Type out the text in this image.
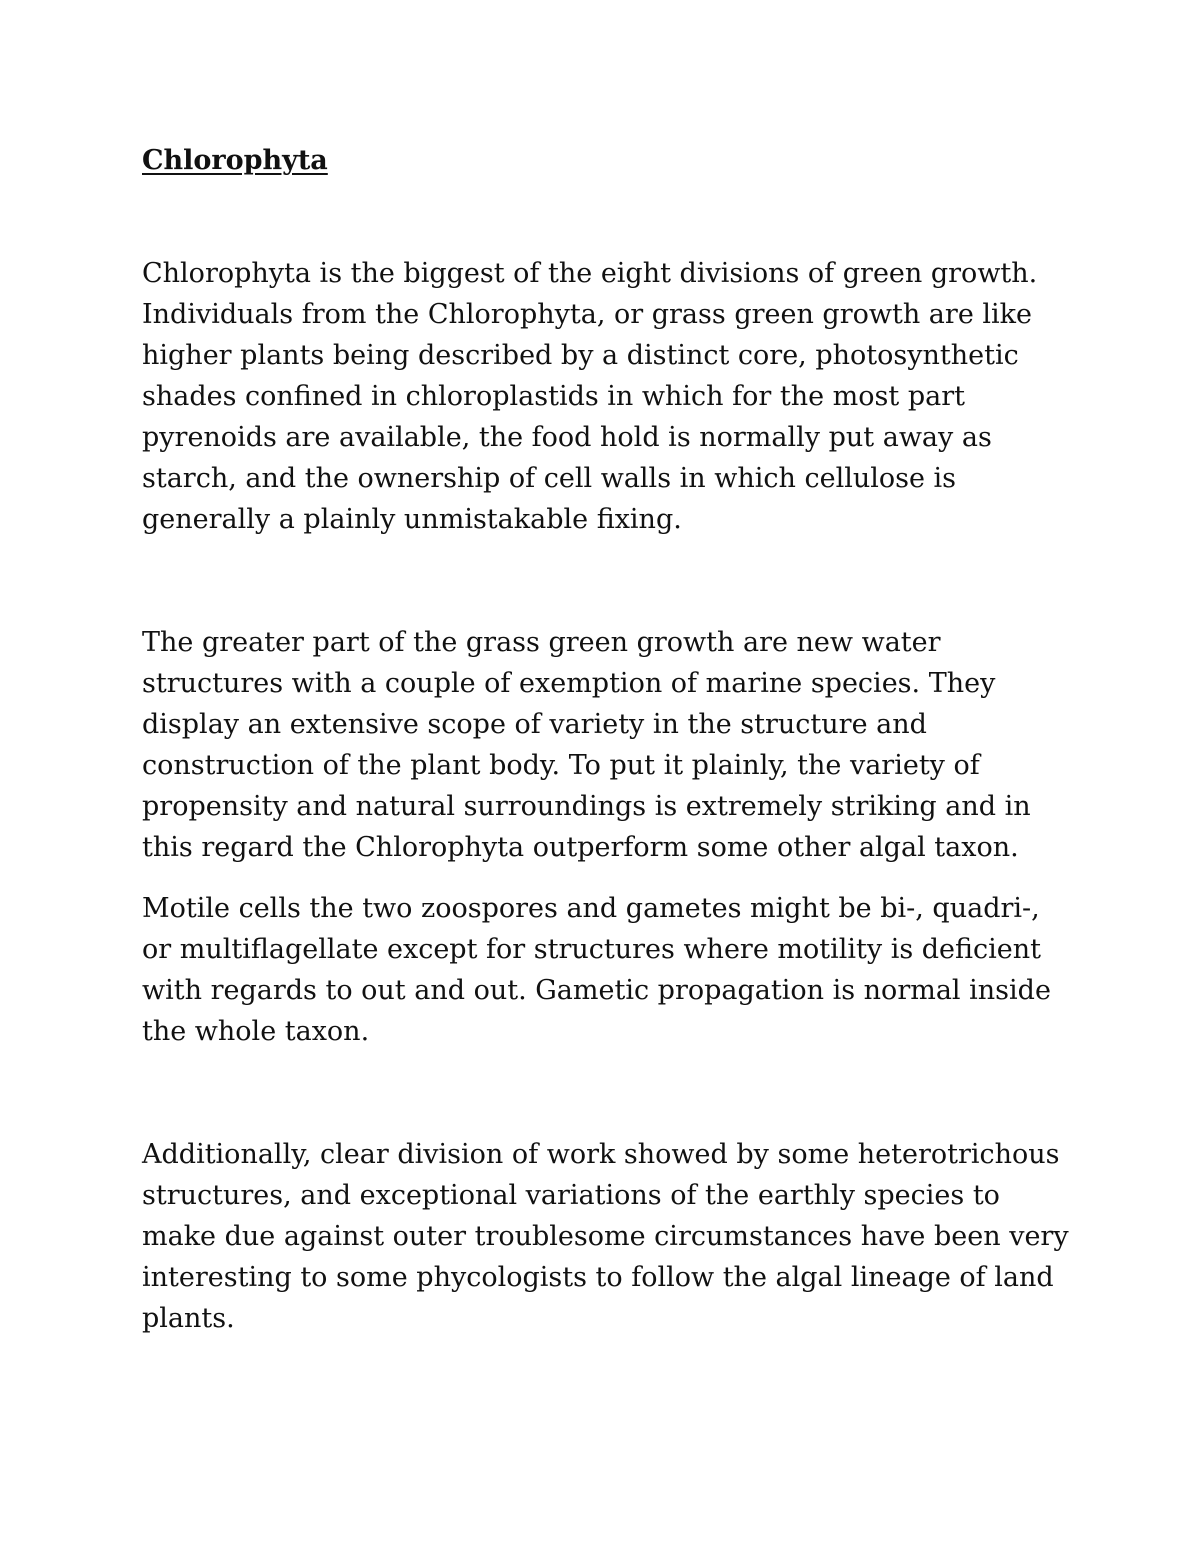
Chlorophyta

Chlorophyta is the biggest of the eight divisions of green growth. Individuals from the Chlorophyta, or grass green growth are like higher plants being described by a distinct core, photosynthetic shades confined in chloroplastids in which for the most part pyrenoids are available, the food hold is normally put away as starch, and the ownership of cell walls in which cellulose is generally a plainly unmistakable fixing.

The greater part of the grass green growth are new water structures with a couple of exemption of marine species. They display an extensive scope of variety in the structure and construction of the plant body. To put it plainly, the variety of propensity and natural surroundings is extremely striking and in this regard the Chlorophyta outperform some other algal taxon.

Motile cells the two zoospores and gametes might be bi-, quadri-, or multiflagellate except for structures where motility is deficient with regards to out and out. Gametic propagation is normal inside the whole taxon.

Additionally, clear division of work showed by some heterotrichous structures, and exceptional variations of the earthly species to make due against outer troublesome circumstances have been very interesting to some phycologists to follow the algal lineage of land plants.
